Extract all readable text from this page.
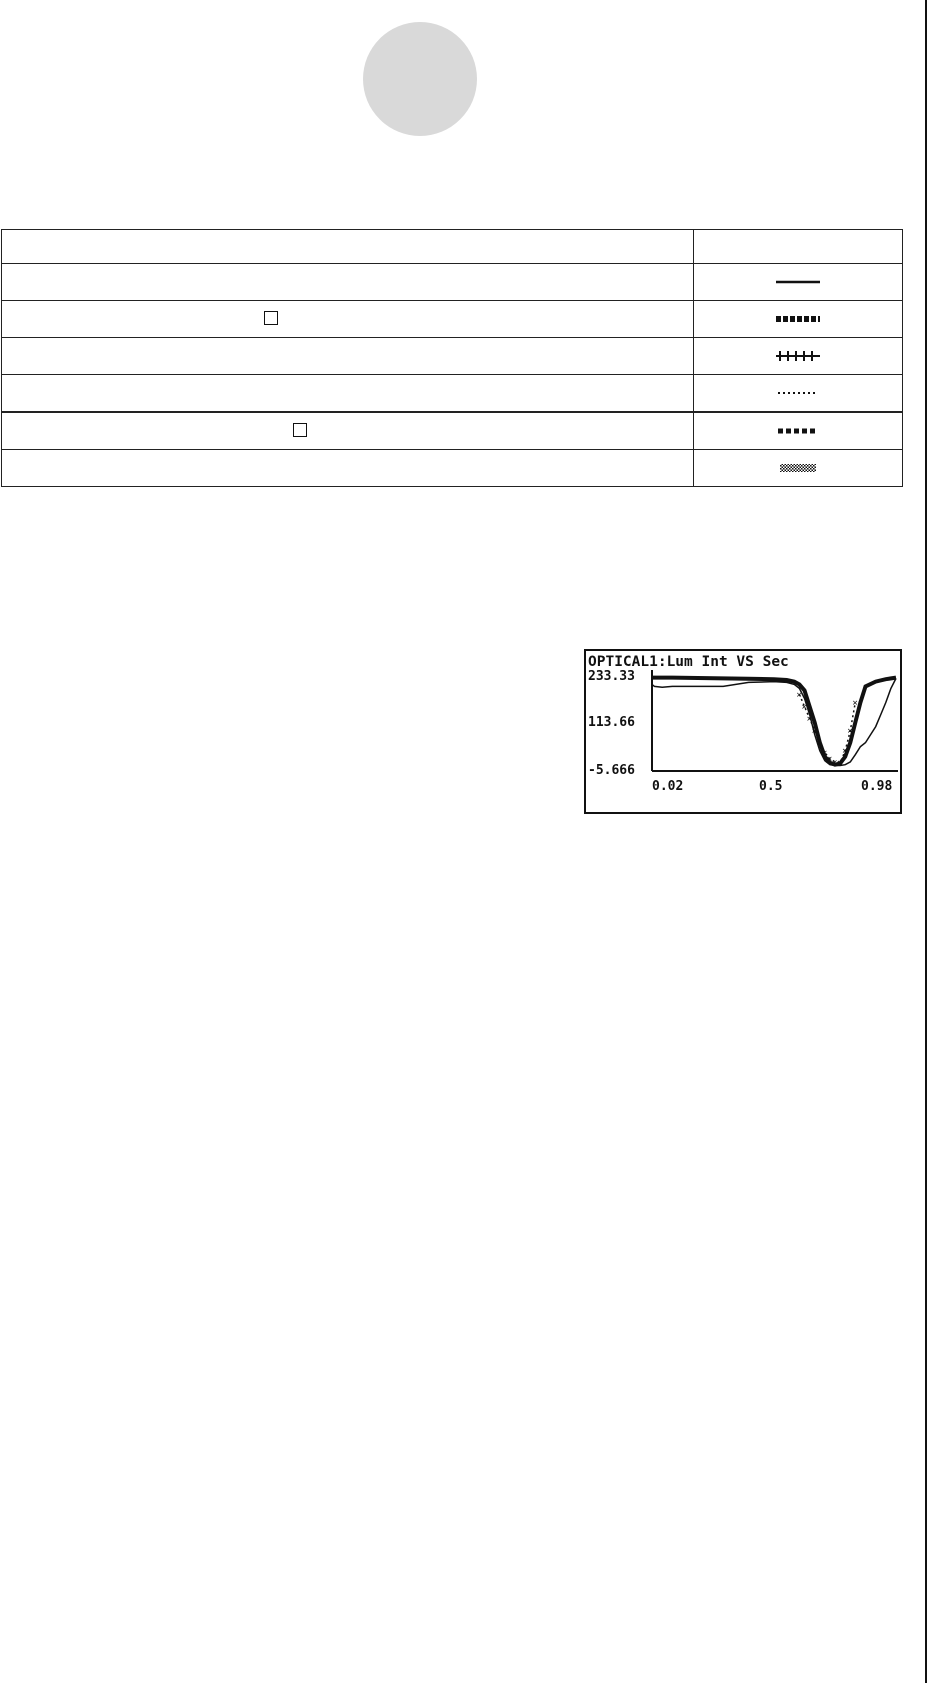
OPTICAL1:Lum Int VS Sec
233.33
113.66
-5.666
0.02	0.5	0.98
×
×
×
×
×
×
× × ×
×
×
×
